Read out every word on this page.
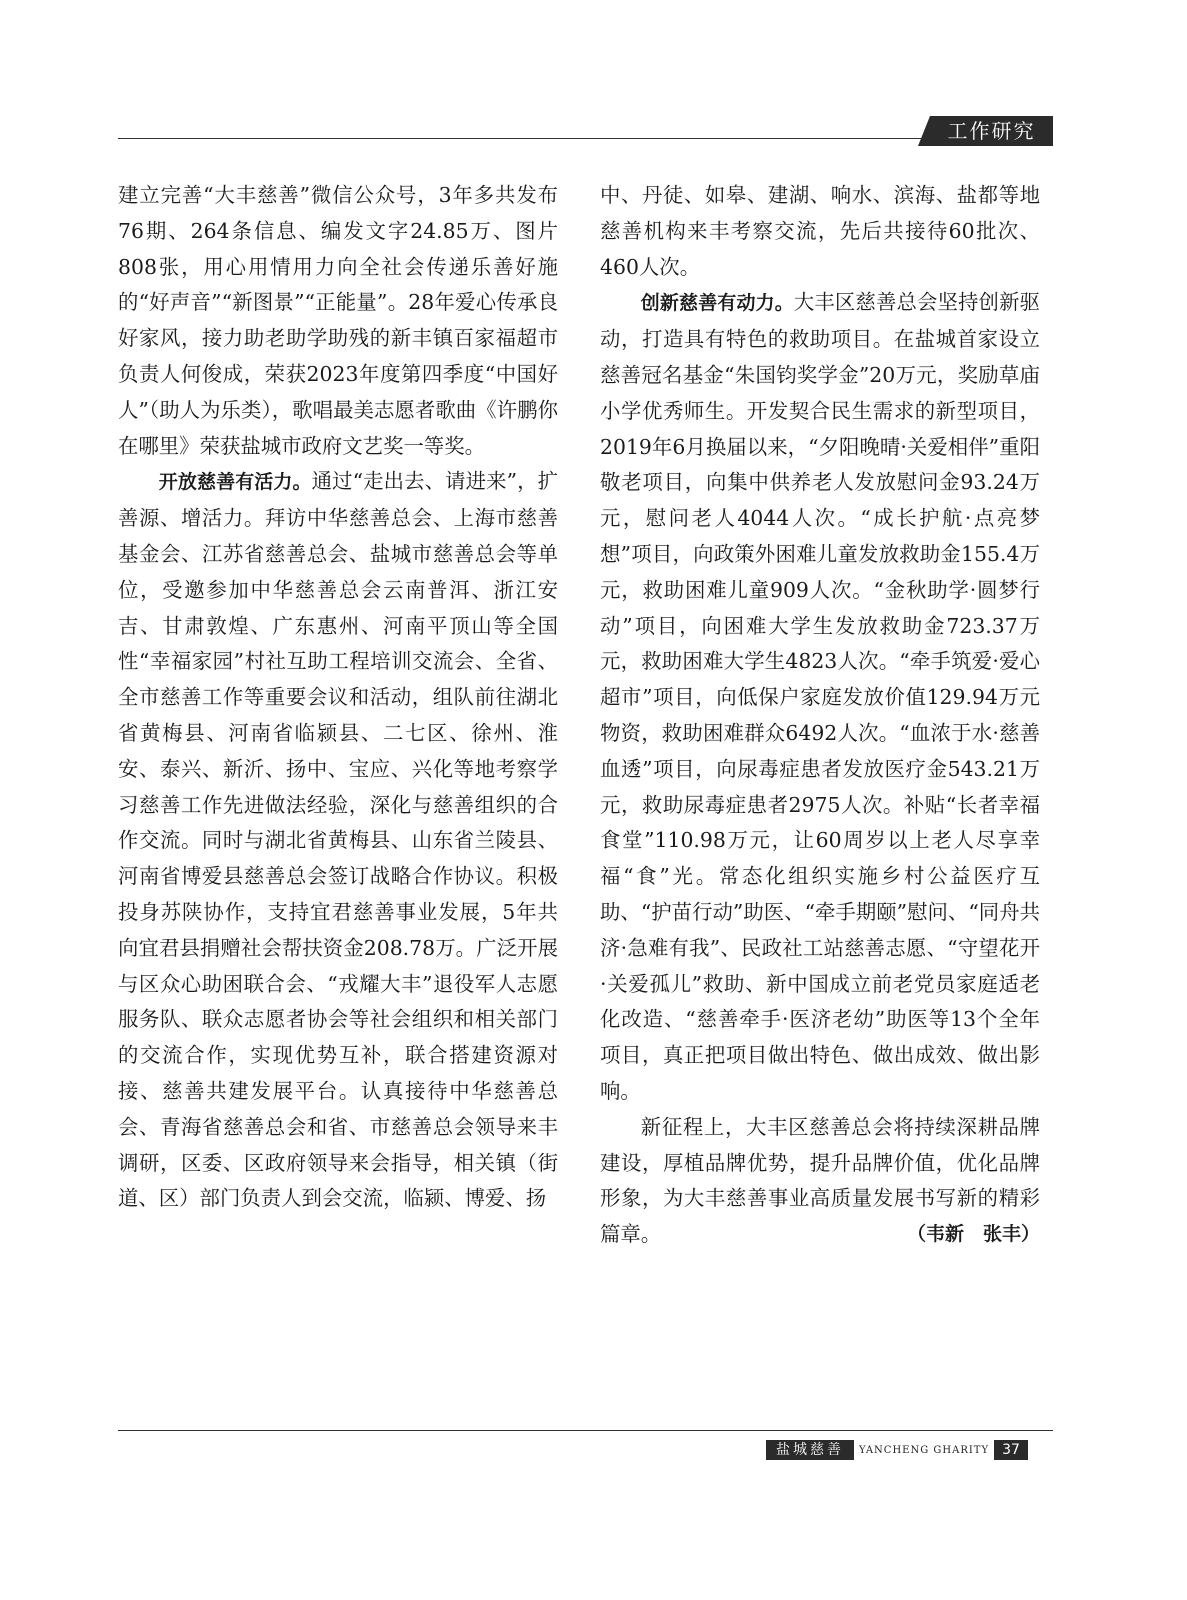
工作研究

建立完善“大丰慈善”微信公众号，3年多共发布76期、264条信息、编发文字24.85万、图片808张，用心用情用力向全社会传递乐善好施的“好声音”“新图景”“正能量”。28年爱心传承良好家风，接力助老助学助残的新丰镇百家福超市负责人何俊成，荣获2023年度第四季度“中国好人”（助人为乐类），歌唱最美志愿者歌曲《许鹏你在哪里》荣获盐城市政府文艺奖一等奖。

开放慈善有活力。通过“走出去、请进来”，扩善源、增活力。拜访中华慈善总会、上海市慈善基金会、江苏省慈善总会、盐城市慈善总会等单位，受邀参加中华慈善总会云南普洱、浙江安吉、甘肃敦煌、广东惠州、河南平顶山等全国性“幸福家园”村社互助工程培训交流会、全省、全市慈善工作等重要会议和活动，组队前往湖北省黄梅县、河南省临颍县、二七区、徐州、淮安、泰兴、新沂、扬中、宝应、兴化等地考察学习慈善工作先进做法经验，深化与慈善组织的合作交流。同时与湖北省黄梅县、山东省兰陵县、河南省博爱县慈善总会签订战略合作协议。积极投身苏陕协作，支持宜君慈善事业发展，5年共向宜君县捐赠社会帮扶资金208.78万。广泛开展与区众心助困联合会、“戎耀大丰”退役军人志愿服务队、联众志愿者协会等社会组织和相关部门的交流合作，实现优势互补，联合搭建资源对接、慈善共建发展平台。认真接待中华慈善总会、青海省慈善总会和省、市慈善总会领导来丰调研，区委、区政府领导来会指导，相关镇（街道、区）部门负责人到会交流，临颍、博爱、扬

中、丹徒、如皋、建湖、响水、滨海、盐都等地慈善机构来丰考察交流，先后共接待60批次、460人次。

创新慈善有动力。大丰区慈善总会坚持创新驱动，打造具有特色的救助项目。在盐城首家设立慈善冠名基金“朱国钧奖学金”20万元，奖励草庙小学优秀师生。开发契合民生需求的新型项目，2019年6月换届以来，“夕阳晚晴·关爱相伴”重阳敬老项目，向集中供养老人发放慰问金93.24万元，慰问老人4044人次。“成长护航·点亮梦想”项目，向政策外困难儿童发放救助金155.4万元，救助困难儿童909人次。“金秋助学·圆梦行动”项目，向困难大学生发放救助金723.37万元，救助困难大学生4823人次。“牵手筑爱·爱心超市”项目，向低保户家庭发放价值129.94万元物资，救助困难群众6492人次。“血浓于水·慈善血透”项目，向尿毒症患者发放医疗金543.21万元，救助尿毒症患者2975人次。补贴“长者幸福食堂”110.98万元，让60周岁以上老人尽享幸福“食”光。常态化组织实施乡村公益医疗互助、“护苗行动”助医、“牵手期颐”慰问、“同舟共济·急难有我”、民政社工站慈善志愿、“守望花开·关爱孤儿”救助、新中国成立前老党员家庭适老化改造、“慈善牵手·医济老幼”助医等13个全年项目，真正把项目做出特色、做出成效、做出影响。

新征程上，大丰区慈善总会将持续深耕品牌建设，厚植品牌优势，提升品牌价值，优化品牌形象，为大丰慈善事业高质量发展书写新的精彩篇章。	（韦新　张丰）

盐城慈善	YANCHENG GHARITY 37
